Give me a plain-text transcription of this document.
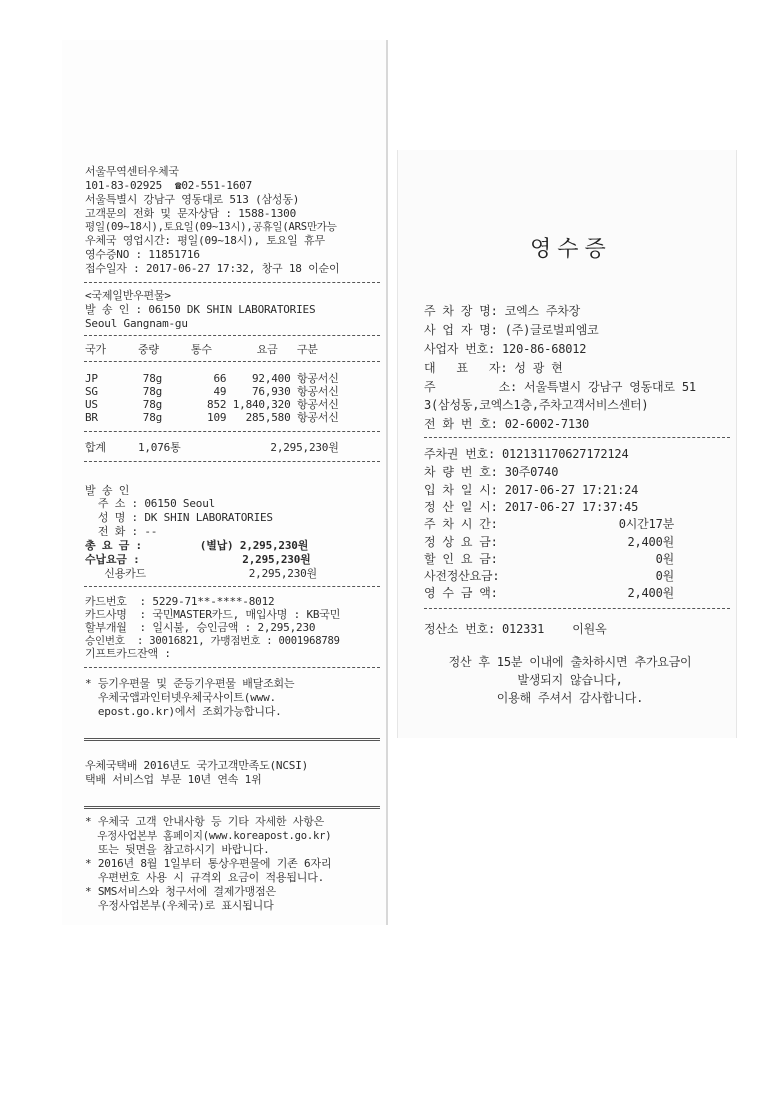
서울무역센터우체국
101-83-02925  ☎02-551-1607
서울특별시 강남구 영동대로 513 (삼성동)
고객문의 전화 및 문자상담 : 1588-1300
평일(09~18시),토요일(09~13시),공휴일(ARS만가능
우체국 영업시간: 평일(09~18시), 토요일 휴무
영수증NO : 11851716
접수일자 : 2017-06-27 17:32, 창구 18 이순이
<국제일반우편물>
발 송 인 : 06150 DK SHIN LABORATORIES
Seoul Gangnam-gu
국가     중량     통수       요금   구분
JP       78g        66    92,400 항공서신
SG       78g        49    76,930 항공서신
US       78g       852 1,840,320 항공서신
BR       78g       109   285,580 항공서신
합계     1,076통              2,295,230원
발 송 인
주 소 : 06150 Seoul
성 명 : DK SHIN LABORATORIES
전 화 : --
총 요 금 :         (별납) 2,295,230원
수납요금 :                2,295,230원
신용카드                2,295,230원
카드번호  : 5229-71**-****-8012
카드사명  : 국민MASTER카드, 매입사명 : KB국민
할부개월  : 일시불, 승인금액 : 2,295,230
승인번호  : 30016821, 가맹점번호 : 0001968789
기프트카드잔액 :
* 등기우편물 및 준등기우편물 배달조회는
우체국앱과인터넷우체국사이트(www.
epost.go.kr)에서 조회가능합니다.
우체국택배 2016년도 국가고객만족도(NCSI)
택배 서비스업 부문 10년 연속 1위
* 우체국 고객 안내사항 등 기타 자세한 사항은
우정사업본부 홈페이지(www.koreapost.go.kr)
또는 뒷면을 참고하시기 바랍니다.
* 2016년 8월 1일부터 통상우편물에 기존 6자리
우편번호 사용 시 규격외 요금이 적용됩니다.
* SMS서비스와 청구서에 결제가맹점은
우정사업본부(우체국)로 표시됩니다
영수증
주 차 장 명: 코엑스 주차장
사 업 자 명: (주)글로벌피엠코
사업자 번호: 120-86-68012
대   표   자: 성 광 현
주         소: 서울특별시 강남구 영동대로 51
3(삼성동,코엑스1층,주차고객서비스센터)
전 화 번 호: 02-6002-7130
주차권 번호: 012131170627172124
차 량 번 호: 30주0740
입 차 일 시: 2017-06-27 17:21:24
정 산 일 시: 2017-06-27 17:37:45
주 차 시 간:	0시간17분
정 상 요 금:	2,400원
할 인 요 금:	0원
사전정산요금:	0원
영 수 금 액:	2,400원
정산소 번호: 012331    이원옥
정산 후 15분 이내에 출차하시면 추가요금이
발생되지 않습니다,
이용해 주셔서 감사합니다.
